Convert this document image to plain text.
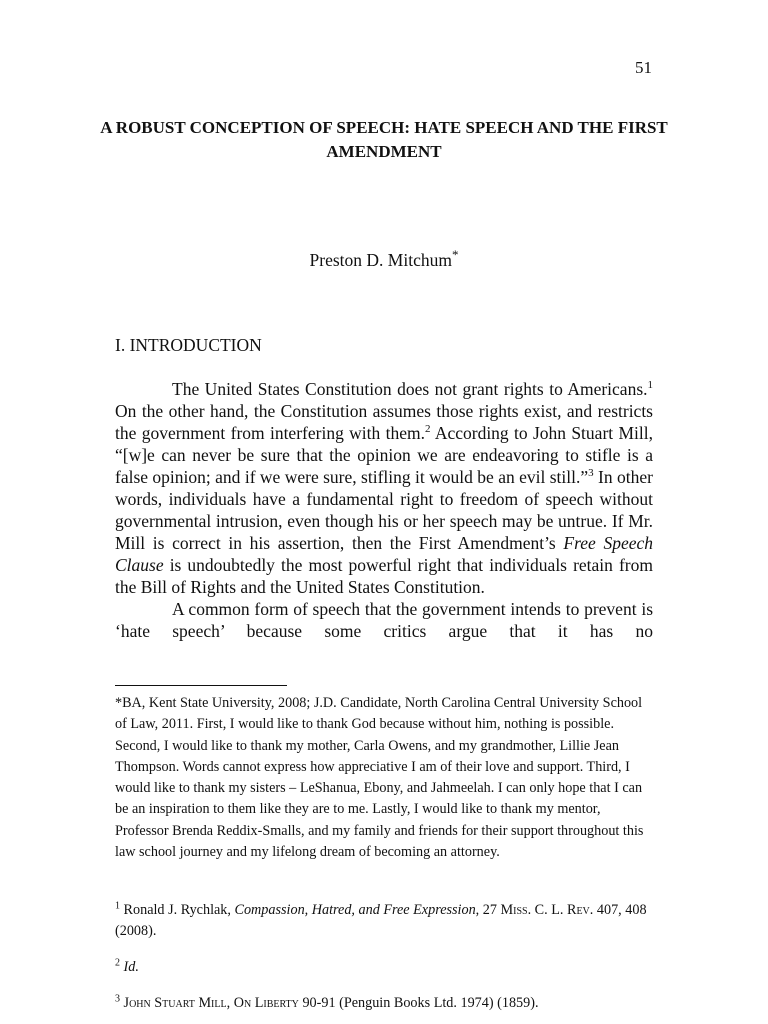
51
A ROBUST CONCEPTION OF SPEECH: HATE SPEECH AND THE FIRST AMENDMENT
Preston D. Mitchum*
I. INTRODUCTION

The United States Constitution does not grant rights to Americans.$^1$ On the other hand, the Constitution assumes those rights exist, and restricts the government from interfering with them.$^2$ According to John Stuart Mill, “[w]e can never be sure that the opinion we are endeavoring to stifle is a false opinion; and if we were sure, stifling it would be an evil still.”$^3$ In other words, individuals have a fundamental right to freedom of speech without governmental intrusion, even though his or her speech may be untrue. If Mr. Mill is correct in his assertion, then the First Amendment’s Free Speech Clause is undoubtedly the most powerful right that individuals retain from the Bill of Rights and the United States Constitution.

A common form of speech that the government intends to prevent is ‘hate speech’ because some critics argue that it has no

*BA, Kent State University, 2008; J.D. Candidate, North Carolina Central University School of Law, 2011. First, I would like to thank God because without him, nothing is possible. Second, I would like to thank my mother, Carla Owens, and my grandmother, Lillie Jean Thompson. Words cannot express how appreciative I am of their love and support. Third, I would like to thank my sisters – LeShanua, Ebony, and Jahmeelah. I can only hope that I can be an inspiration to them like they are to me. Lastly, I would like to thank my mentor, Professor Brenda Reddix-Smalls, and my family and friends for their support throughout this law school journey and my lifelong dream of becoming an attorney.

$^1$ Ronald J. Rychlak, Compassion, Hatred, and Free Expression, 27 Miss. C. L. Rev. 407, 408 (2008).

$^2$ Id.

$^3$ John Stuart Mill, On Liberty 90-91 (Penguin Books Ltd. 1974) (1859).
